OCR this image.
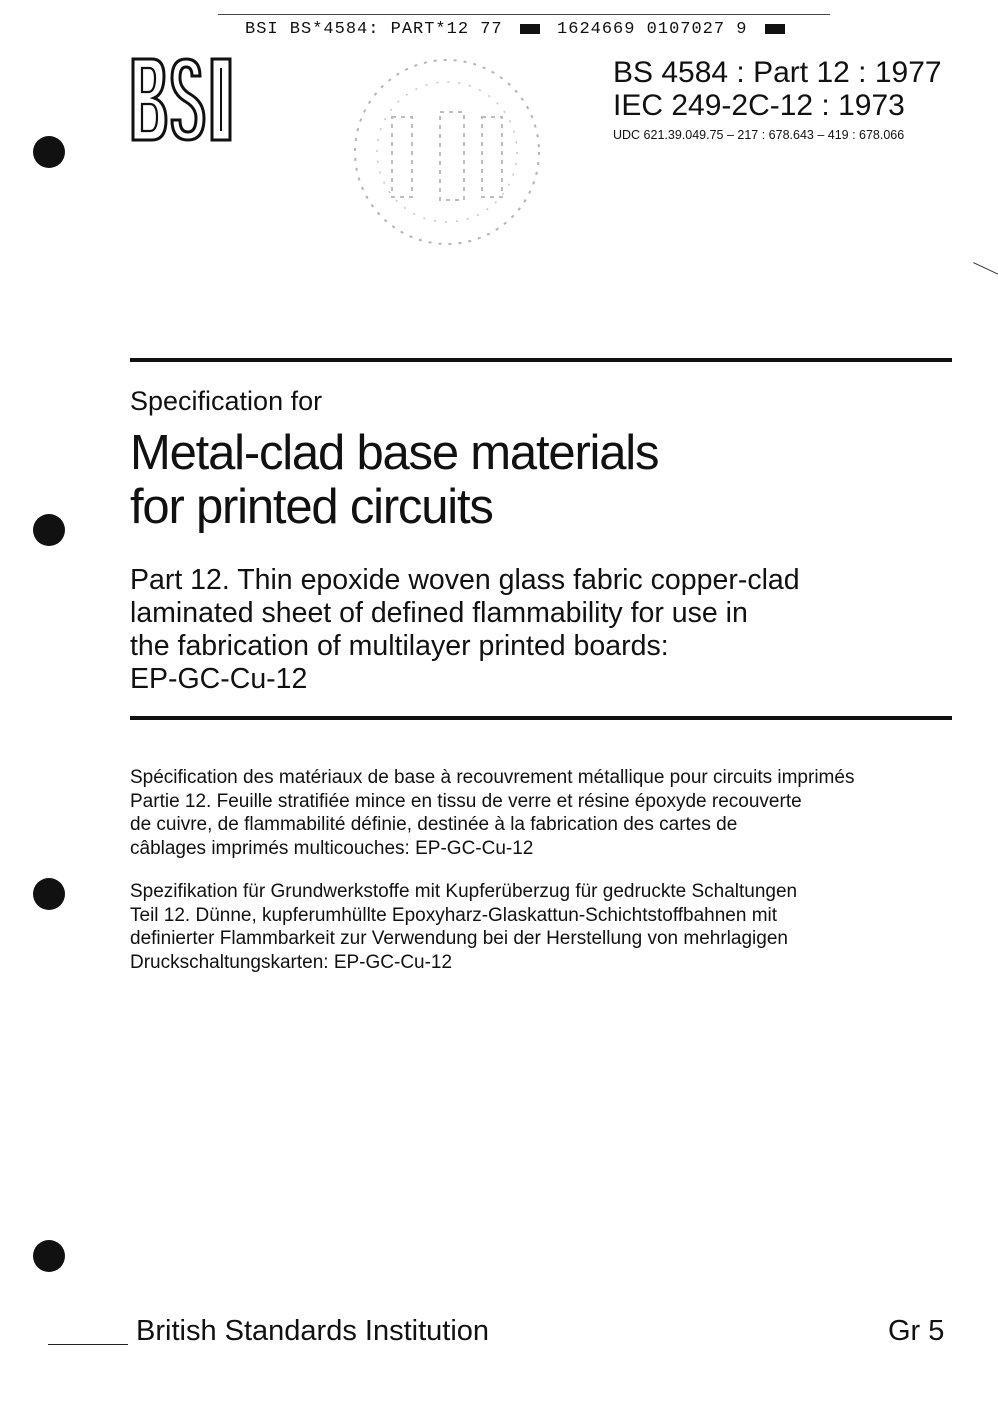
BSI BS*4584: PART*12 77	1624669 0107027 9
BS 4584 : Part 12 : 1977
IEC 249-2C-12 : 1973
UDC 621.39.049.75 – 217 : 678.643 – 419 : 678.066
Specification for
Metal-clad base materials
for printed circuits
Part 12. Thin epoxide woven glass fabric copper-clad
laminated sheet of defined flammability for use in
the fabrication of multilayer printed boards:
EP-GC-Cu-12
Spécification des matériaux de base à recouvrement métallique pour circuits imprimés
Partie 12. Feuille stratifiée mince en tissu de verre et résine époxyde recouverte
de cuivre, de flammabilité définie, destinée à la fabrication des cartes de
câblages imprimés multicouches: EP-GC-Cu-12
Spezifikation für Grundwerkstoffe mit Kupferüberzug für gedruckte Schaltungen
Teil 12. Dünne, kupferumhüllte Epoxyharz-Glaskattun-Schichtstoffbahnen mit
definierter Flammbarkeit zur Verwendung bei der Herstellung von mehrlagigen
Druckschaltungskarten: EP-GC-Cu-12
British Standards Institution	Gr 5
